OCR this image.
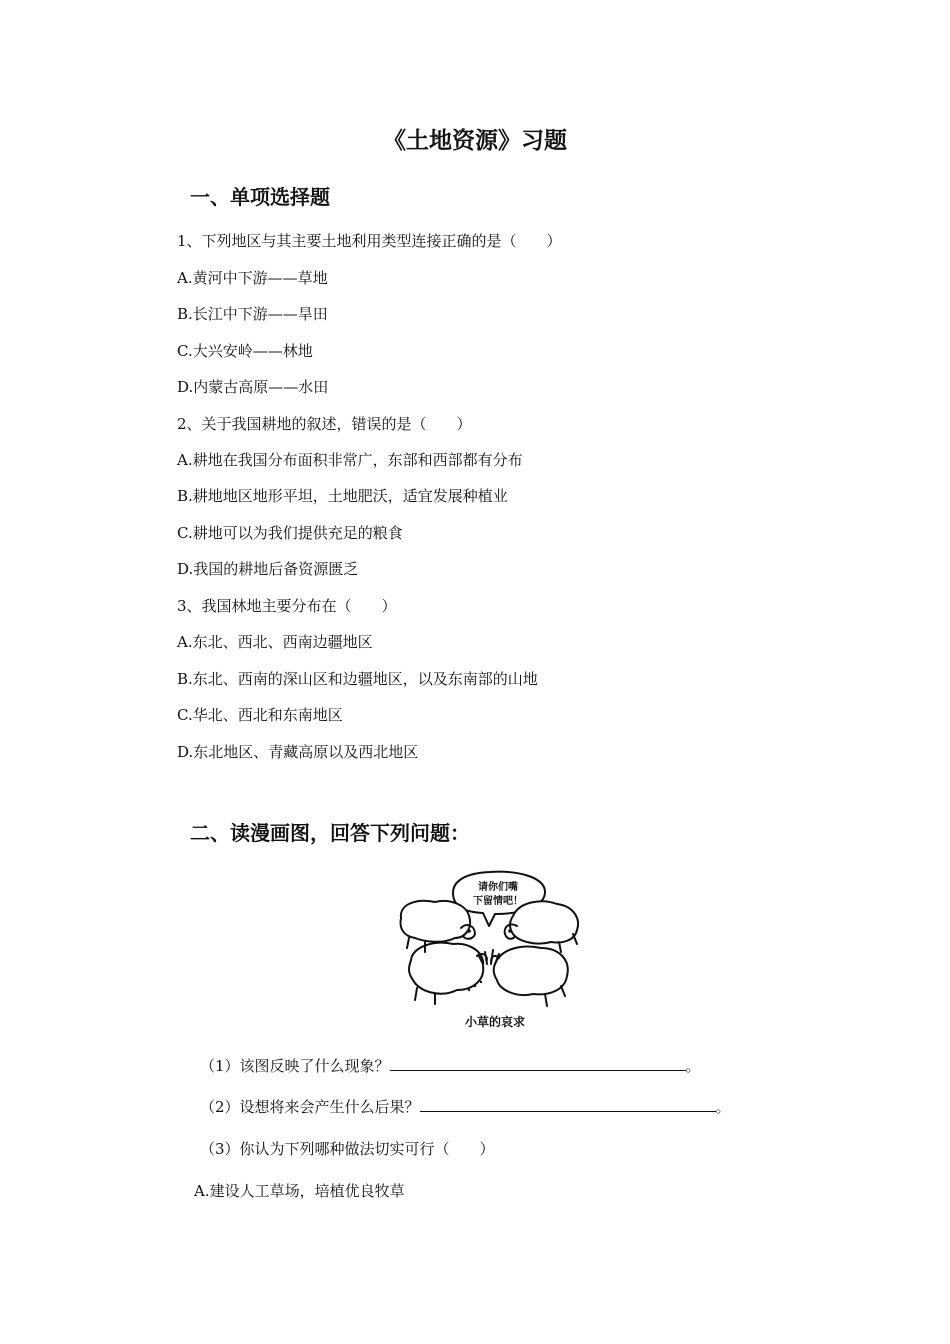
《土地资源》习题
一、单项选择题
1、下列地区与其主要土地利用类型连接正确的是（　　）
A.黄河中下游——草地
B.长江中下游——旱田
C.大兴安岭——林地
D.内蒙古高原——水田
2、关于我国耕地的叙述，错误的是（　　）
A.耕地在我国分布面积非常广，东部和西部都有分布
B.耕地地区地形平坦，土地肥沃，适宜发展种植业
C.耕地可以为我们提供充足的粮食
D.我国的耕地后备资源匮乏
3、我国林地主要分布在（　　）
A.东北、西北、西南边疆地区
B.东北、西南的深山区和边疆地区，以及东南部的山地
C.华北、西北和东南地区
D.东北地区、青藏高原以及西北地区
二、读漫画图，回答下列问题：
请你们嘴
下留情吧！
小草的哀求
（1）该图反映了什么现象？	。
（2）设想将来会产生什么后果？	。
（3）你认为下列哪种做法切实可行（　　）
A.建设人工草场，培植优良牧草
